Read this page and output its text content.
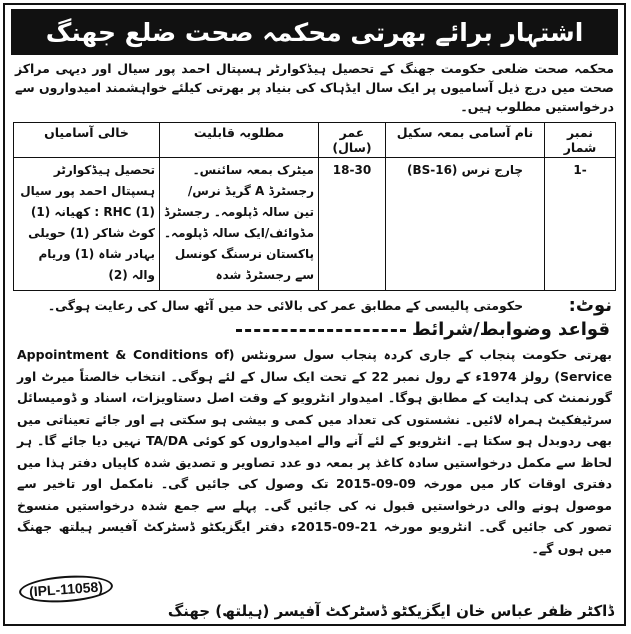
اشتہار برائے بھرتی محکمہ صحت ضلع جھنگ
محکمہ صحت ضلعی حکومت جھنگ کے تحصیل ہیڈکوارٹر ہسپتال احمد پور سیال اور دیہی مراکز صحت میں درج ذیل آسامیوں پر ایک سال ایڈہاک کی بنیاد پر بھرتی کیلئے خواہشمند امیدواروں سے درخواستیں مطلوب ہیں۔
نمبر شمار	نام آسامی بمعہ سکیل	عمر (سال)	مطلوبہ قابلیت	خالی آسامیاں
-1	چارج نرس (BS-16)	18-30	میٹرک بمعہ سائنس۔ رجسٹرڈ A گریڈ نرس/ تین سالہ ڈپلومہ۔ رجسٹرڈ مڈوائف/ایک سالہ ڈپلومہ۔ پاکستان نرسنگ کونسل سے رجسٹرڈ شدہ	تحصیل ہیڈکوارٹر ہسپتال احمد پور سیال (1) RHC : کھیانہ (1) کوٹ شاکر (1) حویلی بہادر شاہ (1) وریام والہ (2)
نوٹ:
حکومتی پالیسی کے مطابق عمر کی بالائی حد میں آٹھ سال کی رعایت ہوگی۔
قواعد وضوابط/شرائط
بھرتی حکومت پنجاب کے جاری کردہ پنجاب سول سرونٹس (Appointment & Conditions of Service) رولز 1974ء کے رول نمبر 22 کے تحت ایک سال کے لئے ہوگی۔ انتخاب خالصتاً میرٹ اور گورنمنٹ کی ہدایت کے مطابق ہوگا۔ امیدوار انٹرویو کے وقت اصل دستاویزات، اسناد و ڈومیسائل سرٹیفکیٹ ہمراہ لائیں۔ نشستوں کی تعداد میں کمی و بیشی ہو سکتی ہے اور جائے تعیناتی میں بھی ردوبدل ہو سکتا ہے۔ انٹرویو کے لئے آنے والے امیدواروں کو کوئی TA/DA نہیں دیا جائے گا۔ ہر لحاظ سے مکمل درخواستیں سادہ کاغذ پر بمعہ دو عدد تصاویر و تصدیق شدہ کاپیاں دفتر ہذا میں دفتری اوقات کار میں مورخہ 09-09-2015 تک وصول کی جائیں گی۔ نامکمل اور تاخیر سے موصول ہونے والی درخواستیں قبول نہ کی جائیں گی۔ پہلے سے جمع شدہ درخواستیں منسوخ تصور کی جائیں گی۔ انٹرویو مورخہ 21-09-2015ء دفتر ایگزیکٹو ڈسٹرکٹ آفیسر ہیلتھ جھنگ میں ہوں گے۔
(IPL-11058)
ڈاکٹر ظفر عباس خان ایگزیکٹو ڈسٹرکٹ آفیسر (ہیلتھ) جھنگ
